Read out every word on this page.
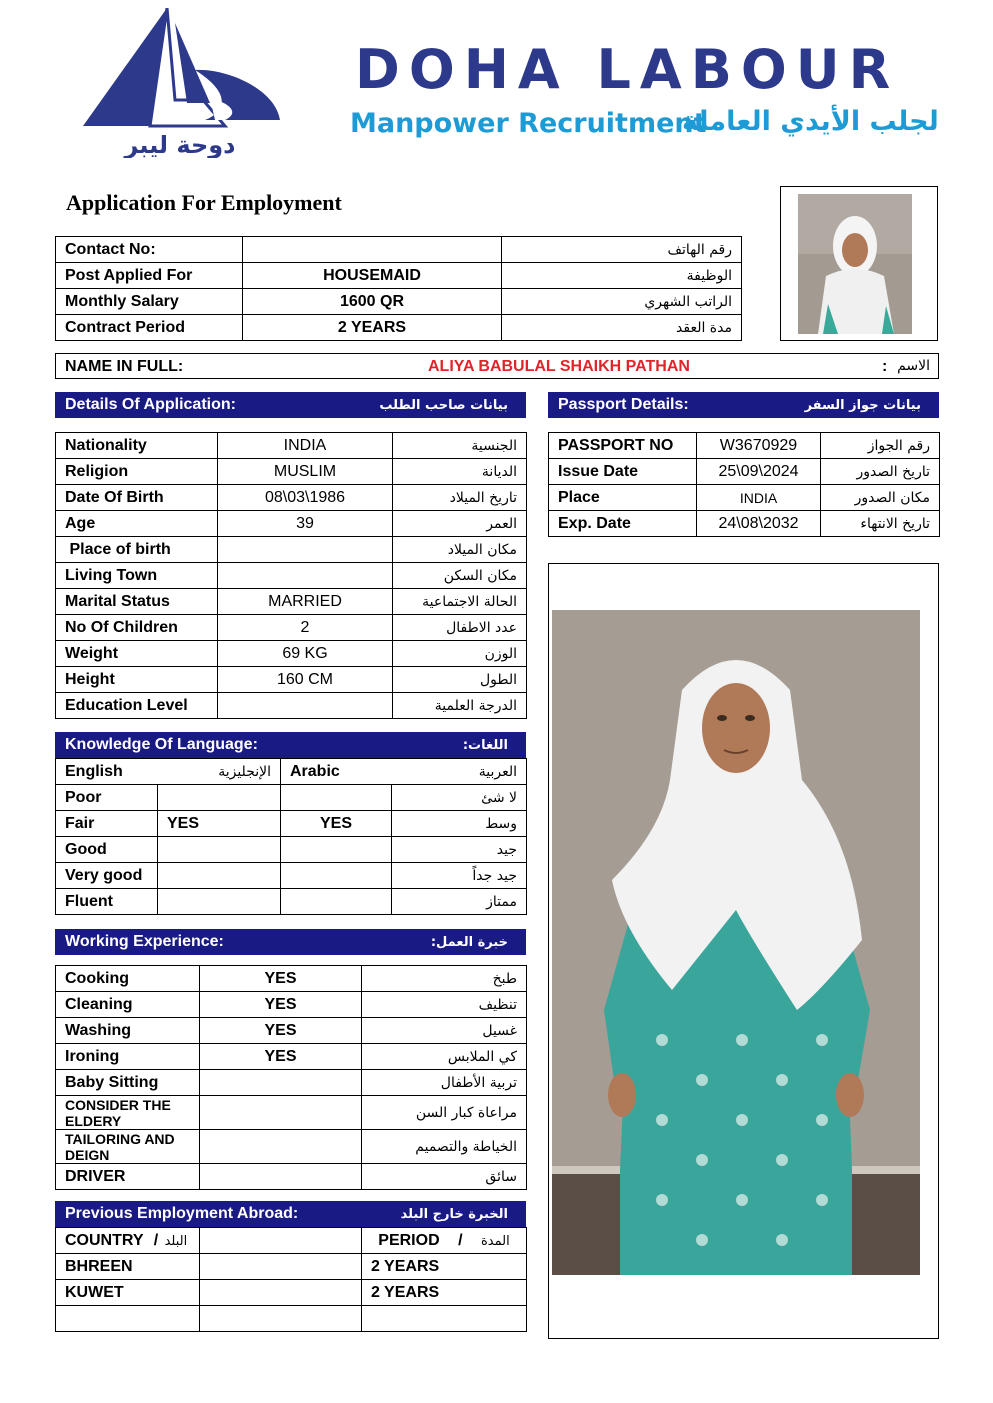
دوحة ليبر
DOHA LABOUR
Manpower Recruitment
لجلب الأيدي العاملة
Application For Employment
Contact No:		رقم الهاتف
Post Applied For	HOUSEMAID	الوظيفة
Monthly Salary	1600 QR	الراتب الشهري
Contract Period	2 YEARS	مدة العقد
NAME IN FULL:	ALIYA BABULAL SHAIKH PATHAN	: الاسم
Details Of Application:	بيانات صاحب الطلب
Nationality	INDIA	الجنسية
Religion	MUSLIM	الديانة
Date Of Birth	08\03\1986	تاريخ الميلاد
Age	39	العمر
Place of birth		مكان الميلاد
Living Town		مكان السكن
Marital Status	MARRIED	الحالة الاجتماعية
No Of Children	2	عدد الاطفال
Weight	69 KG	الوزن
Height	160 CM	الطول
Education Level		الدرجة العلمية
Passport Details:	بيانات جواز السفر
PASSPORT NO	W3670929	رقم الجواز
Issue Date	25\09\2024	تاريخ الصدور
Place	INDIA	مكان الصدور
Exp. Date	24\08\2032	تاريخ الانتهاء
Knowledge Of Language:	اللغات:
English	الإنجليزية	Arabic	العربية
Poor			لا شئ
Fair	YES	YES	وسط
Good			جيد
Very good			جيد جداً
Fluent			ممتاز
Working Experience:	خبرة العمل:
Cooking	YES	طبخ
Cleaning	YES	تنظيف
Washing	YES	غسيل
Ironing	YES	كي الملابس
Baby Sitting		تربية الأطفال
CONSIDER THE ELDERY		مراعاة كبار السن
TAILORING AND DEIGN		الخياطة والتصميم
DRIVER		سائق
Previous Employment Abroad:	الخبرة خارج البلد
COUNTRY / البلد		PERIOD / المدة
BHREEN		2 YEARS
KUWET		2 YEARS
